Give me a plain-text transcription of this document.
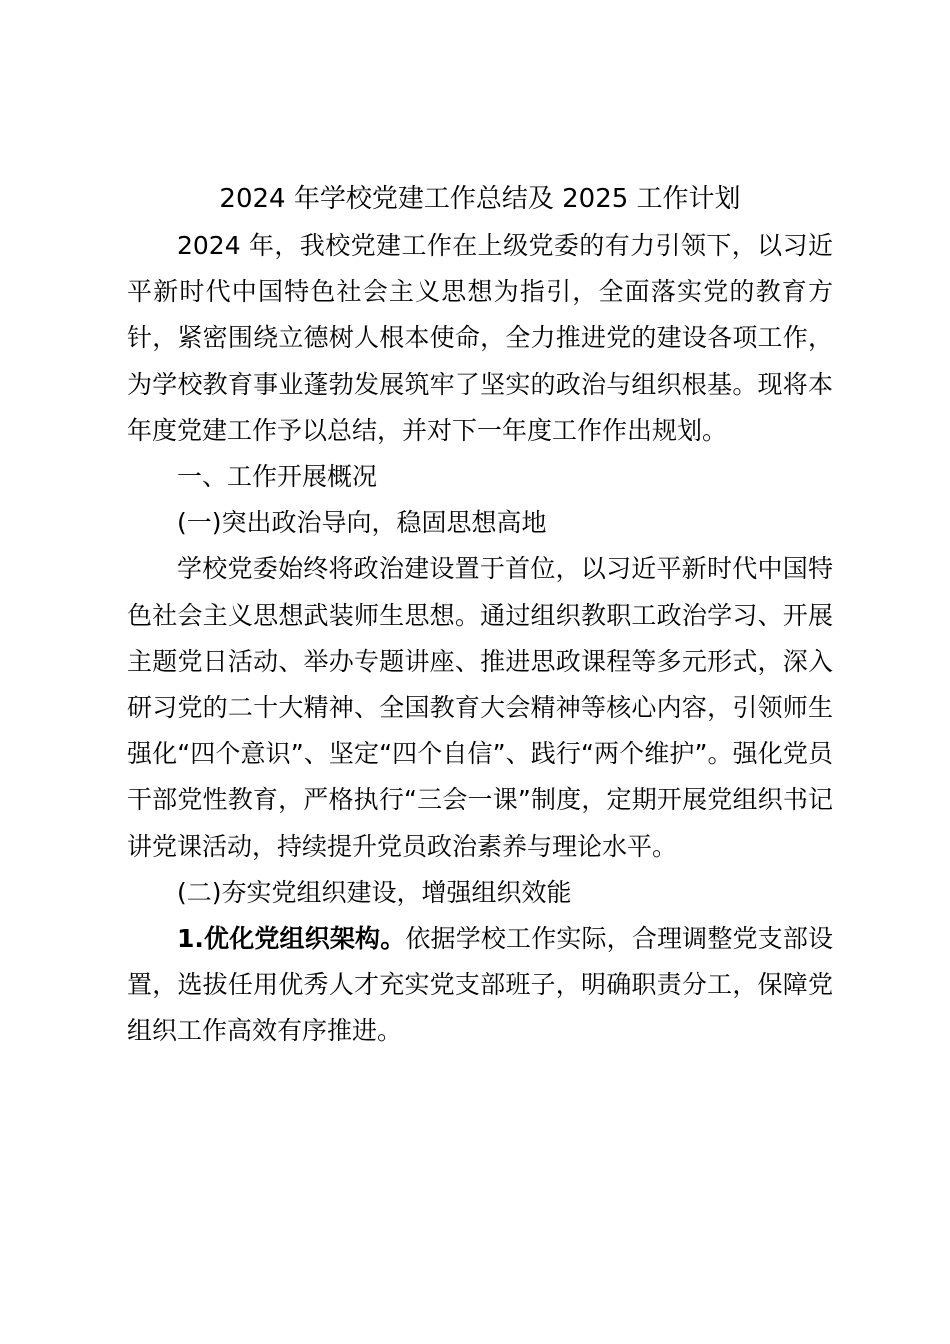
2024 年学校党建工作总结及 2025 工作计划

2024 年，我校党建工作在上级党委的有力引领下，以习近平新时代中国特色社会主义思想为指引，全面落实党的教育方针，紧密围绕立德树人根本使命，全力推进党的建设各项工作，为学校教育事业蓬勃发展筑牢了坚实的政治与组织根基。现将本年度党建工作予以总结，并对下一年度工作作出规划。

一、工作开展概况

(一)突出政治导向，稳固思想高地

学校党委始终将政治建设置于首位，以习近平新时代中国特色社会主义思想武装师生思想。通过组织教职工政治学习、开展主题党日活动、举办专题讲座、推进思政课程等多元形式，深入研习党的二十大精神、全国教育大会精神等核心内容，引领师生强化“四个意识”、坚定“四个自信”、践行“两个维护”。强化党员干部党性教育，严格执行“三会一课”制度，定期开展党组织书记讲党课活动，持续提升党员政治素养与理论水平。

(二)夯实党组织建设，增强组织效能

1.优化党组织架构。依据学校工作实际，合理调整党支部设置，选拔任用优秀人才充实党支部班子，明确职责分工，保障党组织工作高效有序推进。
